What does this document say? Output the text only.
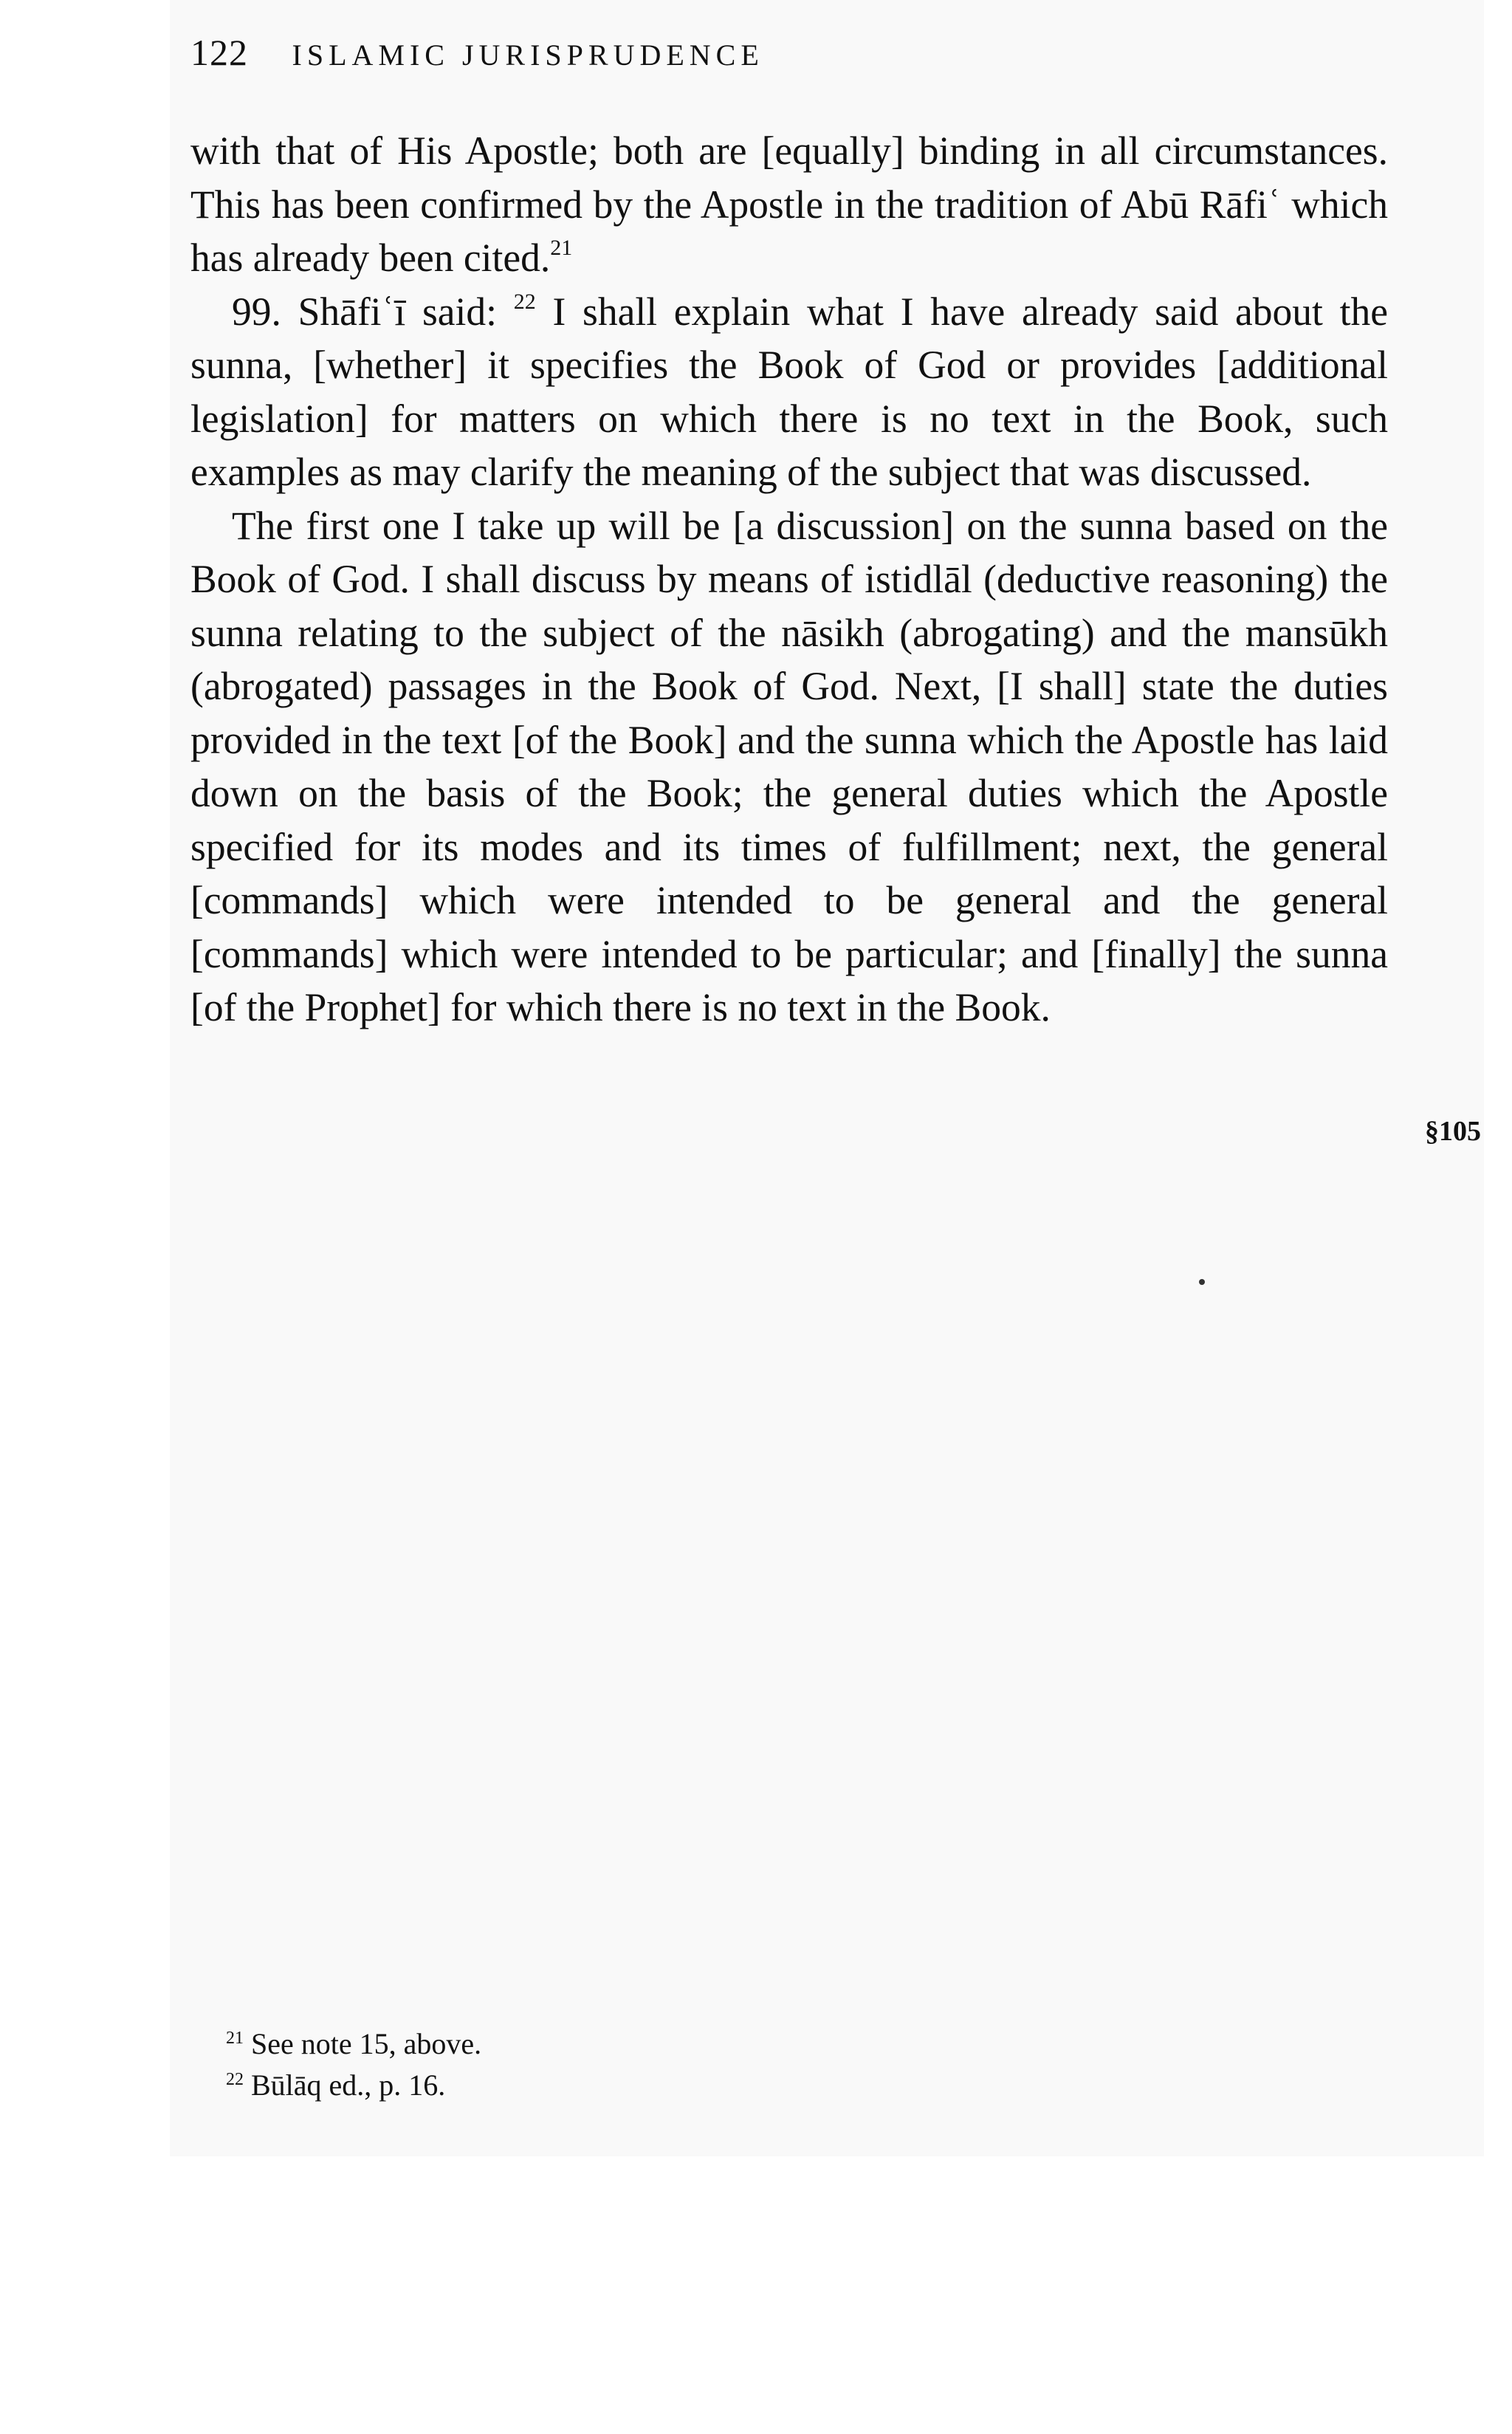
122 ISLAMIC JURISPRUDENCE

with that of His Apostle; both are [equally] binding in all circumstances. This has been confirmed by the Apostle in the tradition of Abū Rāfiʿ which has already been cited.$^{21}$

99. Shāfiʿī said: $^{22}$ I shall explain what I have already said about the sunna, [whether] it specifies the Book of God or provides [additional legislation] for matters on which there is no text in the Book, such examples as may clarify the meaning of the subject that was discussed.

The first one I take up will be [a discussion] on the sunna based on the Book of God. I shall discuss by means of istidlāl (deductive reasoning) the sunna relating to the subject of the nāsikh (abrogating) and the mansūkh (abrogated) passages in the Book of God. Next, [I shall] state the duties provided in the text [of the Book] and the sunna which the Apostle has laid down on the basis of the Book; the general duties which the Apostle specified for its modes and its times of fulfillment; next, the general [commands] which were intended to be general and the general [commands] which were intended to be particular; and [finally] the sunna [of the Prophet] for which there is no text in the Book.

§105

$^{21}$ See note 15, above.

$^{22}$ Būlāq ed., p. 16.
